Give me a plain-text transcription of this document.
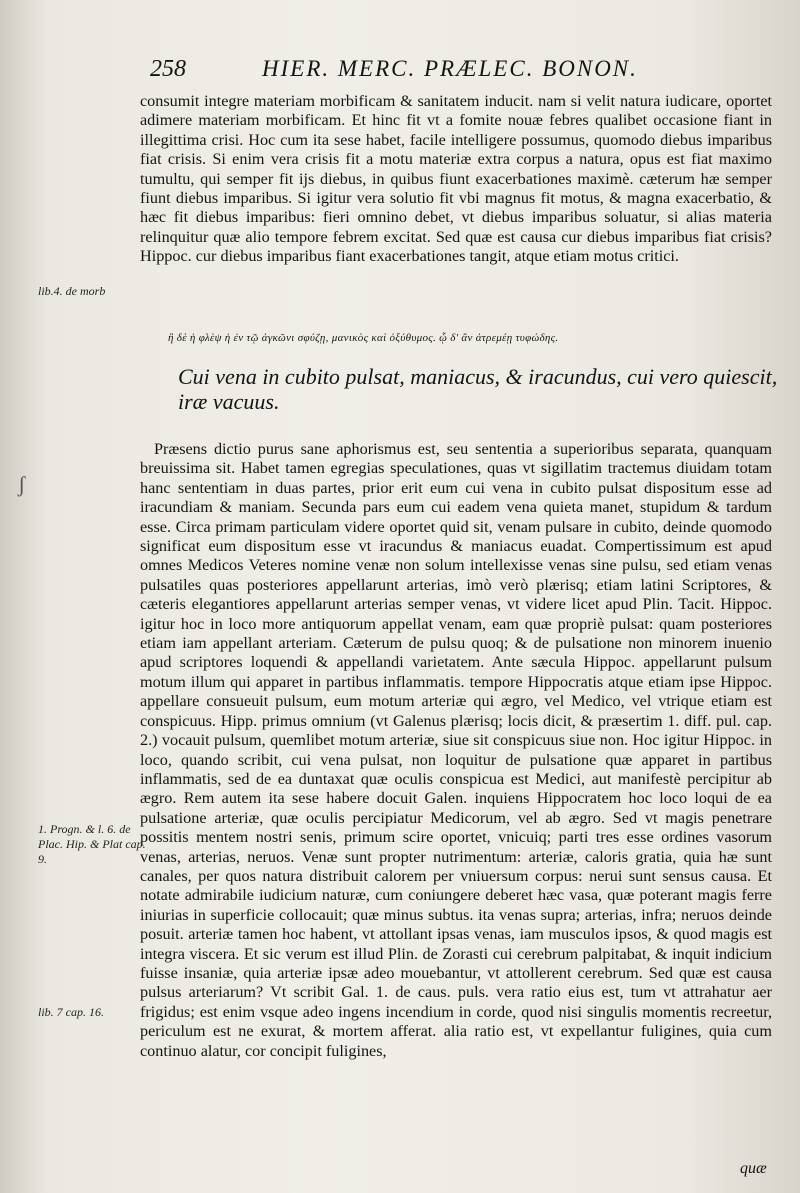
258	HIER. MERC. PRÆLEC. BONON.

consumit integre materiam morbificam & sanitatem inducit. nam si velit natura iudicare, oportet adimere materiam morbificam. Et hinc fit vt a fomite nouæ febres qualibet occasione fiant in illegittima crisi. Hoc cum ita sese habet, facile intelligere possumus, quomodo diebus imparibus fiat crisis. Si enim vera crisis fit a motu materiæ extra corpus a natura, opus est fiat maximo tumultu, qui semper fit ijs diebus, in quibus fiunt exacerbationes maximè. cæterum hæ semper fiunt diebus imparibus. Si igitur vera solutio fit vbi magnus fit motus, & magna exacerbatio, & hæc fit diebus imparibus: fieri omnino debet, vt diebus imparibus soluatur, si alias materia relinquitur quæ alio tempore febrem excitat. Sed quæ est causa cur diebus imparibus fiat crisis? Hippoc. cur diebus imparibus fiant exacerbationes tangit, atque etiam motus critici.

ἢ δὲ ἡ φλὲψ ἡ ἐν τῷ ἀγκῶνι σφύζῃ, μανικὸς καὶ ὀξύθυμος. ᾧ δ' ἂν ἀτρεμέῃ τυφώδης.
Cui vena in cubito pulsat, maniacus, & iracundus, cui vero quiescit, iræ vacuus.

Præsens dictio purus sane aphorismus est, seu sententia a superioribus separata, quanquam breuissima sit. Habet tamen egregias speculationes, quas vt sigillatim tractemus diuidam totam hanc sententiam in duas partes, prior erit eum cui vena in cubito pulsat dispositum esse ad iracundiam & maniam. Secunda pars eum cui eadem vena quieta manet, stupidum & tardum esse. Circa primam particulam videre oportet quid sit, venam pulsare in cubito, deinde quomodo significat eum dispositum esse vt iracundus & maniacus euadat. Compertissimum est apud omnes Medicos Veteres nomine venæ non solum intellexisse venas sine pulsu, sed etiam venas pulsatiles quas posteriores appellarunt arterias, imò verò plærisq; etiam latini Scriptores, & cæteris elegantiores appellarunt arterias semper venas, vt videre licet apud Plin. Tacit. Hippoc. igitur hoc in loco more antiquorum appellat venam, eam quæ propriè pulsat: quam posteriores etiam iam appellant arteriam. Cæterum de pulsu quoq; & de pulsatione non minorem inuenio apud scriptores loquendi & appellandi varietatem. Ante sæcula Hippoc. appellarunt pulsum motum illum qui apparet in partibus inflammatis. tempore Hippocratis atque etiam ipse Hippoc. appellare consueuit pulsum, eum motum arteriæ qui ægro, vel Medico, vel vtrique etiam est conspicuus. Hipp. primus omnium (vt Galenus plærisq; locis dicit, & præsertim 1. diff. pul. cap. 2.) vocauit pulsum, quemlibet motum arteriæ, siue sit conspicuus siue non. Hoc igitur Hippoc. in loco, quando scribit, cui vena pulsat, non loquitur de pulsatione quæ apparet in partibus inflammatis, sed de ea duntaxat quæ oculis conspicua est Medici, aut manifestè percipitur ab ægro. Rem autem ita sese habere docuit Galen. inquiens Hippocratem hoc loco loqui de ea pulsatione arteriæ, quæ oculis percipiatur Medicorum, vel ab ægro. Sed vt magis penetrare possitis mentem nostri senis, primum scire oportet, vnicuiq; parti tres esse ordines vasorum venas, arterias, neruos. Venæ sunt propter nutrimentum: arteriæ, caloris gratia, quia hæ sunt canales, per quos natura distribuit calorem per vniuersum corpus: nerui sunt sensus causa. Et notate admirabile iudicium naturæ, cum coniungere deberet hæc vasa, quæ poterant magis ferre iniurias in superficie collocauit; quæ minus subtus. ita venas supra; arterias, infra; neruos deinde posuit. arteriæ tamen hoc habent, vt attollant ipsas venas, iam musculos ipsos, & quod magis est integra viscera. Et sic verum est illud Plin. de Zorasti cui cerebrum palpitabat, & inquit indicium fuisse insaniæ, quia arteriæ ipsæ adeo mouebantur, vt attollerent cerebrum. Sed quæ est causa pulsus arteriarum? Vt scribit Gal. 1. de caus. puls. vera ratio eius est, tum vt attrahatur aer frigidus; est enim vsque adeo ingens incendium in corde, quod nisi singulis momentis recreetur, periculum est ne exurat, & mortem afferat. alia ratio est, vt expellantur fuligines, quia cum continuo alatur, cor concipit fuligines,

lib.4. de morb
1. Progn. & l. 6. de Plac. Hip. & Plat cap. 9.
lib. 7 cap. 16.
ʃ
quæ
